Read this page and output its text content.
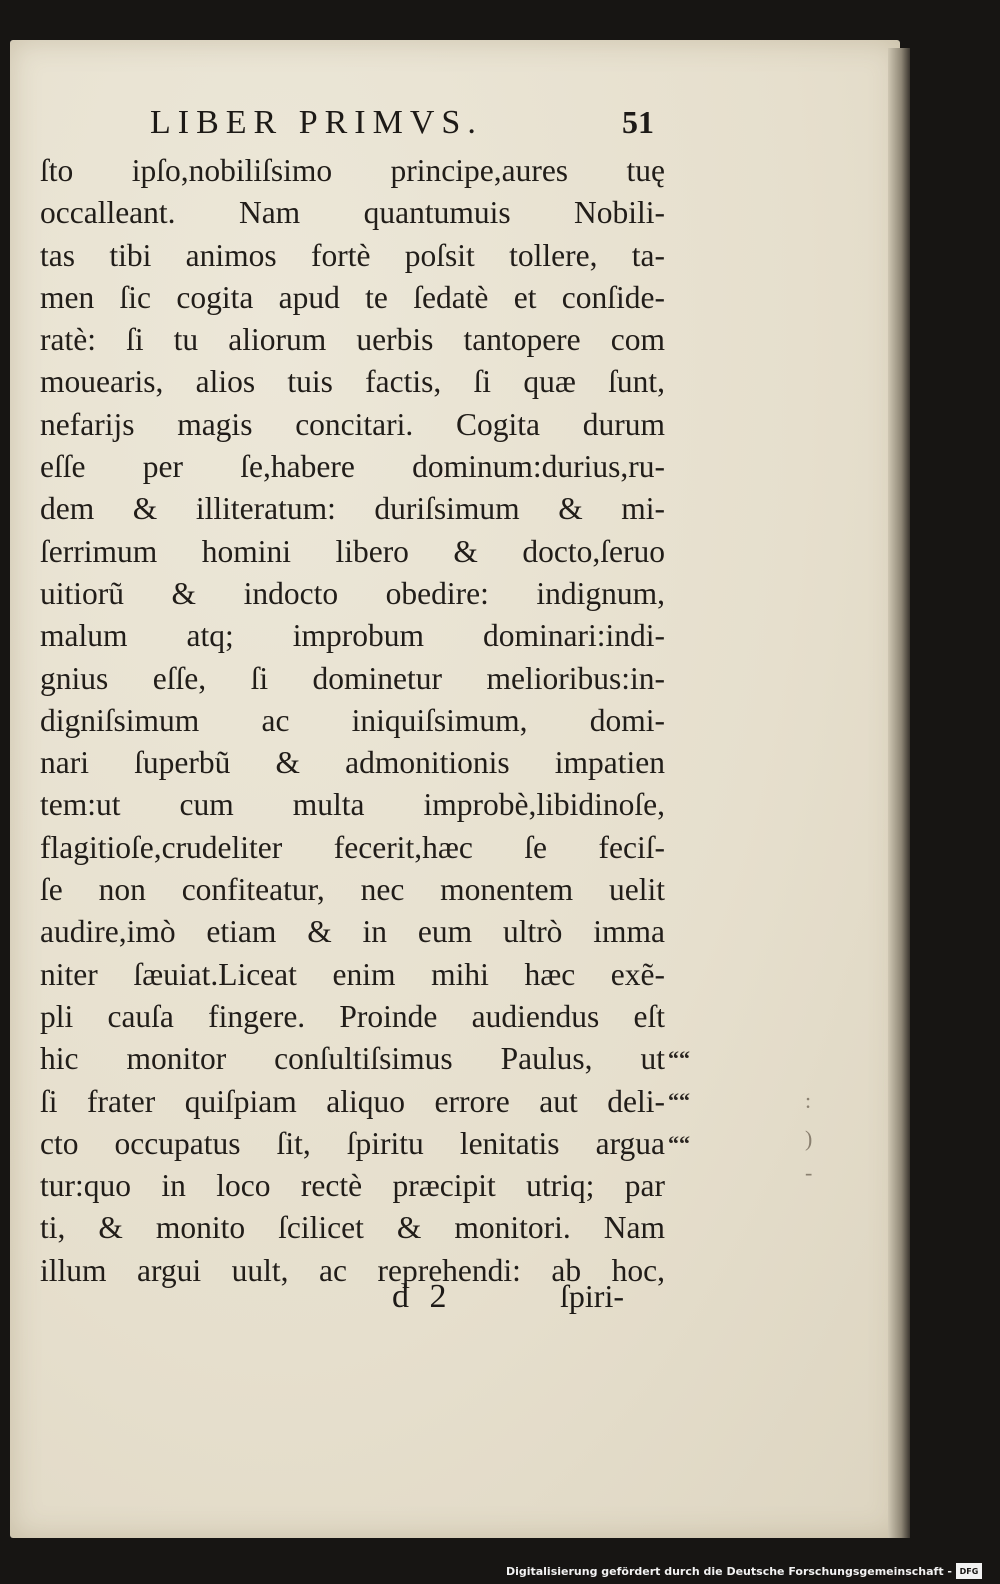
LIBER PRIMVS.	51
ſto ipſo,nobiliſsimo principe,aures tuę
occalleant. Nam quantumuis Nobili-
tas tibi animos fortè poſsit tollere, ta-
men ſic cogita apud te ſedatè et conſide-
ratè: ſi tu aliorum uerbis tantopere com
mouearis, alios tuis factis, ſi quæ ſunt,
nefarijs magis concitari. Cogita durum
eſſe per ſe,habere dominum:durius,ru-
dem & illiteratum: duriſsimum & mi-
ſerrimum homini libero & docto,ſeruo
uitiorũ & indocto obedire: indignum,
malum atq; improbum dominari:indi-
gnius eſſe, ſi dominetur melioribus:in-
digniſsimum ac iniquiſsimum, domi-
nari ſuperbũ & admonitionis impatien
tem:ut cum multa improbè,libidinoſe,
flagitioſe,crudeliter fecerit,hæc ſe feciſ-
ſe non confiteatur, nec monentem uelit
audire,imò etiam & in eum ultrò imma
niter ſæuiat.Liceat enim mihi hæc exẽ-
pli cauſa fingere. Proinde audiendus eſt
hic monitor conſultiſsimus Paulus, ut
ſi frater quiſpiam aliquo errore aut deli-
cto occupatus ſit, ſpiritu lenitatis argua
tur:quo in loco rectè præcipit utriq; par
ti, & monito ſcilicet & monitori. Nam
illum argui uult, ac reprehendi: ab hoc,
““
““
““
:
)
-
d 2	ſpiri-
Digitalisierung gefördert durch die Deutsche Forschungsgemeinschaft - DFG
